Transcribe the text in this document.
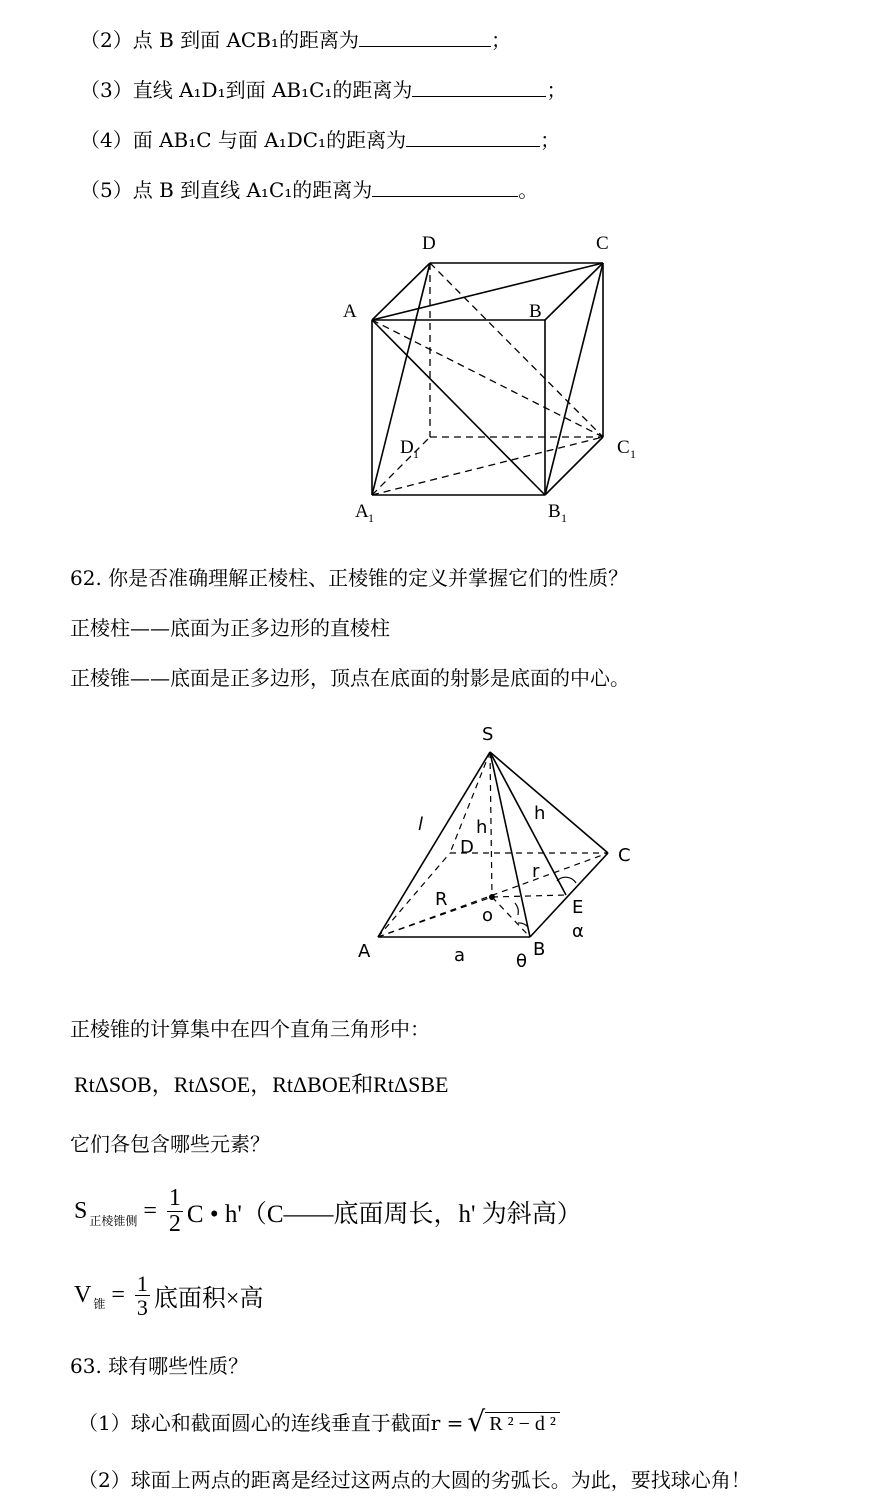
（2）点 B 到面 ACB₁的距离为	；
（3）直线 A₁D₁到面 AB₁C₁的距离为	；
（4）面 AB₁C 与面 A₁DC₁的距离为	；
（5）点 B 到直线 A₁C₁的距离为	。
D	C
A	B
D 1	C 1
A 1	B 1
62. 你是否准确理解正棱柱、正棱锥的定义并掌握它们的性质？
正棱柱——底面为正多边形的直棱柱
正棱锥——底面是正多边形，顶点在底面的射影是底面的中心。
S
l	h
h
D	C
r
R
o	E
α
A	a	θ
B
正棱锥的计算集中在四个直角三角形中：
RtΔSOB，RtΔSOE，RtΔBOE和RtΔSBE
它们各包含哪些元素？
S 正棱锥侧 = $\frac{1}{2}$ C • h'（C——底面周长，h' 为斜高）
V 锥 = $\frac{1}{3}$ 底面积×高
63. 球有哪些性质？
（1）球心和截面圆心的连线垂直于截面r = √ R ² − d ²
（2）球面上两点的距离是经过这两点的大圆的劣弧长。为此，要找球心角！
